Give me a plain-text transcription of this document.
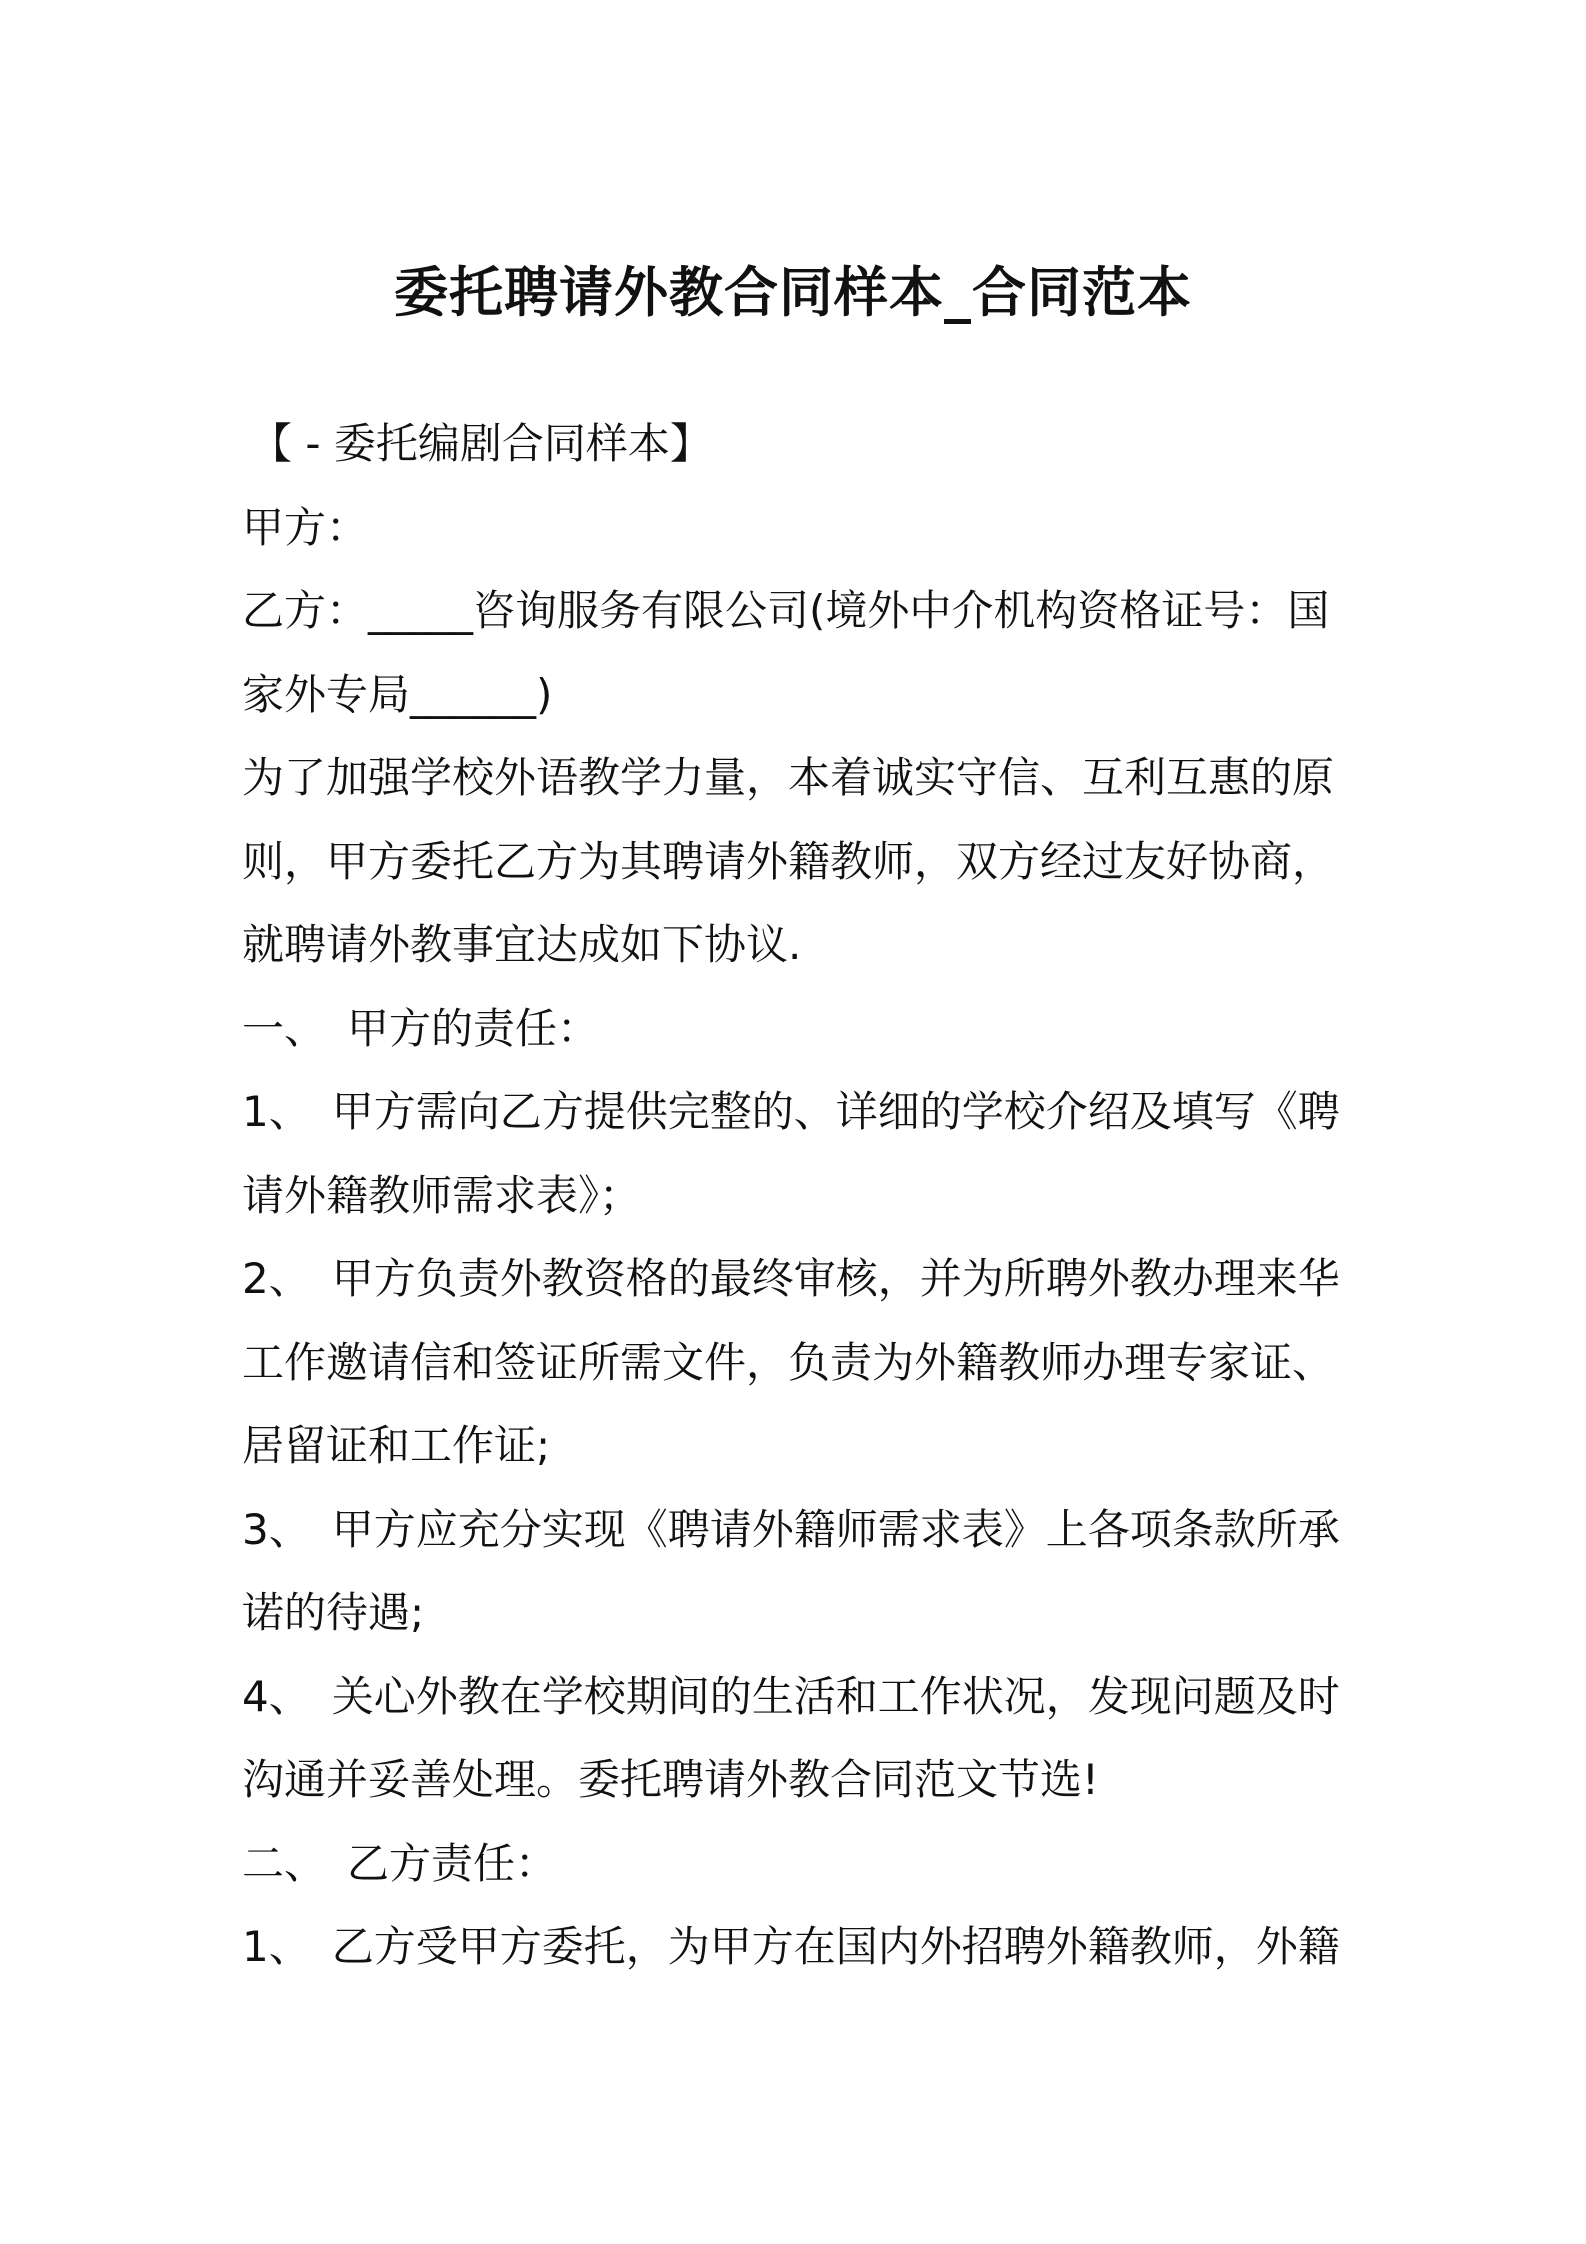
委托聘请外教合同样本_合同范本

【 - 委托编剧合同样本】

甲方：

乙方：_____咨询服务有限公司(境外中介机构资格证号：国家外专局______)

为了加强学校外语教学力量，本着诚实守信、互利互惠的原则，甲方委托乙方为其聘请外籍教师，双方经过友好协商，就聘请外教事宜达成如下协议.

一、　甲方的责任：

1、　甲方需向乙方提供完整的、详细的学校介绍及填写《聘请外籍教师需求表》；

2、　甲方负责外教资格的最终审核，并为所聘外教办理来华工作邀请信和签证所需文件，负责为外籍教师办理专家证、居留证和工作证;

3、　甲方应充分实现《聘请外籍师需求表》上各项条款所承诺的待遇;

4、　关心外教在学校期间的生活和工作状况，发现问题及时沟通并妥善处理。委托聘请外教合同范文节选!

二、　乙方责任：

1、　乙方受甲方委托，为甲方在国内外招聘外籍教师，外籍
